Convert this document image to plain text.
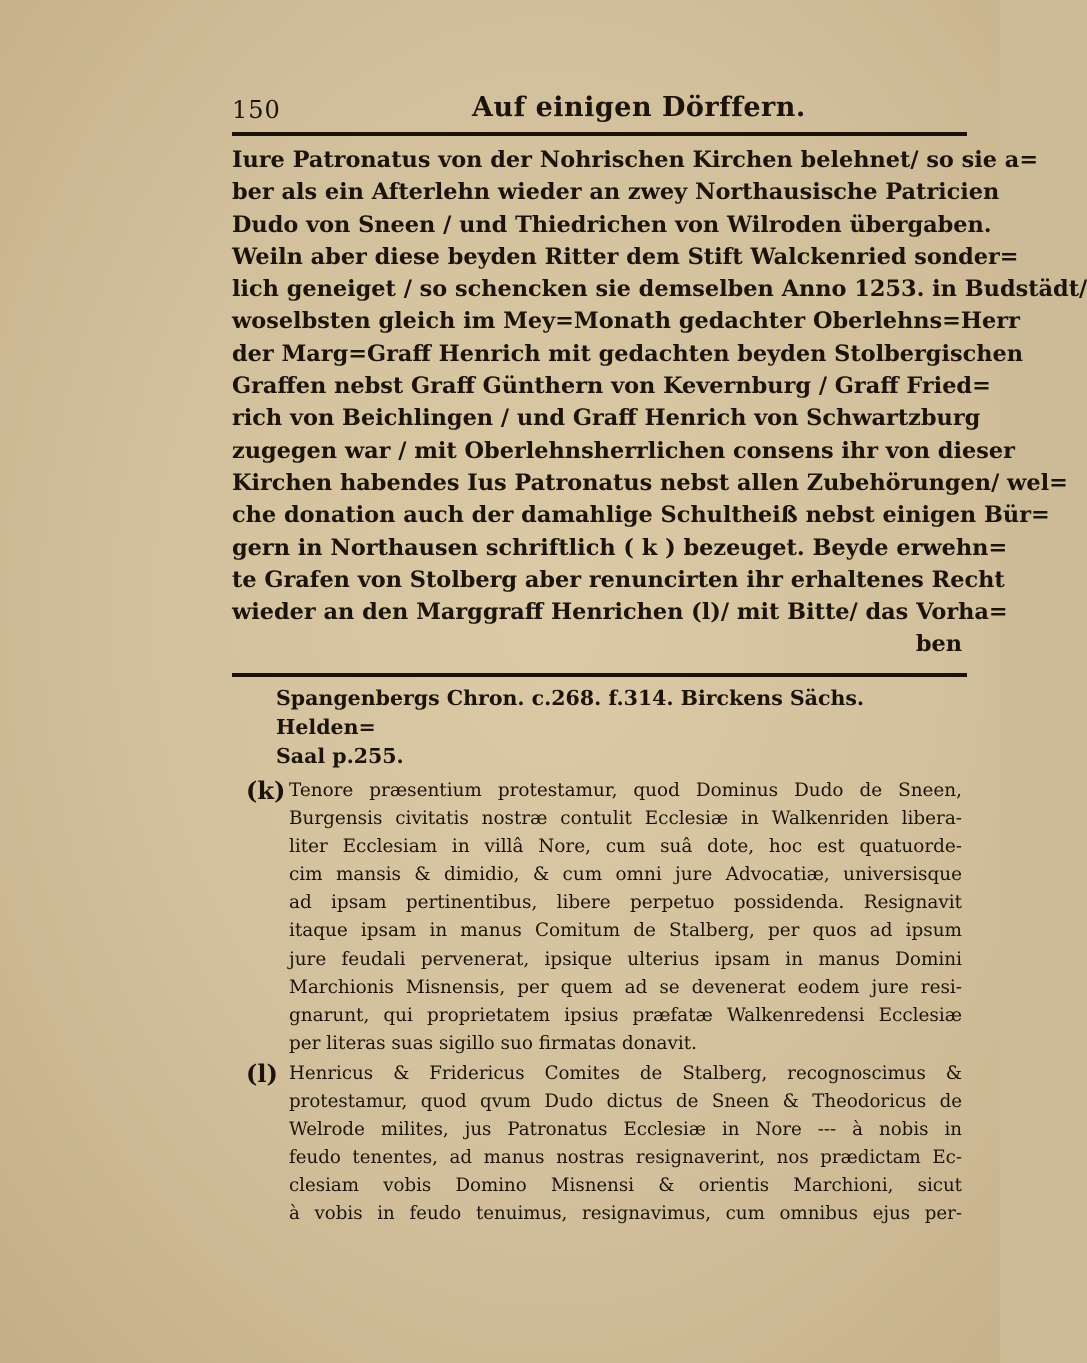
150	Auf einigen Dörffern.
Iure Patronatus von der Nohrischen Kirchen belehnet/ so sie a=
ber als ein Afterlehn wieder an zwey Northausische Patricien
Dudo von Sneen / und Thiedrichen von Wilroden übergaben.
Weiln aber diese beyden Ritter dem Stift Walckenried sonder=
lich geneiget / so schencken sie demselben Anno 1253. in Budstädt/
woselbsten gleich im Mey=Monath gedachter Oberlehns=Herr
der Marg=Graff Henrich mit gedachten beyden Stolbergischen
Graffen nebst Graff Günthern von Kevernburg / Graff Fried=
rich von Beichlingen / und Graff Henrich von Schwartzburg
zugegen war / mit Oberlehnsherrlichen consens ihr von dieser
Kirchen habendes Ius Patronatus nebst allen Zubehörungen/ wel=
che donation auch der damahlige Schultheiß nebst einigen Bür=
gern in Northausen schriftlich ( k ) bezeuget. Beyde erwehn=
te Grafen von Stolberg aber renuncirten ihr erhaltenes Recht
wieder an den Marggraff Henrichen (l)/ mit Bitte/ das Vorha=
ben
Spangenbergs Chron. c.268. f.314. Birckens Sächs. Helden=
Saal p.255.
(k) Tenore præsentium protestamur, quod Dominus Dudo de Sneen,
Burgensis civitatis nostræ contulit Ecclesiæ in Walkenriden libera-
liter Ecclesiam in villâ Nore, cum suâ dote, hoc est quatuorde-
cim mansis & dimidio, & cum omni jure Advocatiæ, universisque
ad ipsam pertinentibus, libere perpetuo possidenda. Resignavit
itaque ipsam in manus Comitum de Stalberg, per quos ad ipsum
jure feudali pervenerat, ipsique ulterius ipsam in manus Domini
Marchionis Misnensis, per quem ad se devenerat eodem jure resi-
gnarunt, qui proprietatem ipsius præfatæ Walkenredensi Ecclesiæ
per literas suas sigillo suo firmatas donavit.
(l) Henricus & Fridericus Comites de Stalberg, recognoscimus &
protestamur, quod qvum Dudo dictus de Sneen & Theodoricus de
Welrode milites, jus Patronatus Ecclesiæ in Nore --- à nobis in
feudo tenentes, ad manus nostras resignaverint, nos prædictam Ec-
clesiam vobis Domino Misnensi & orientis Marchioni, sicut
à vobis in feudo tenuimus, resignavimus, cum omnibus ejus per-
